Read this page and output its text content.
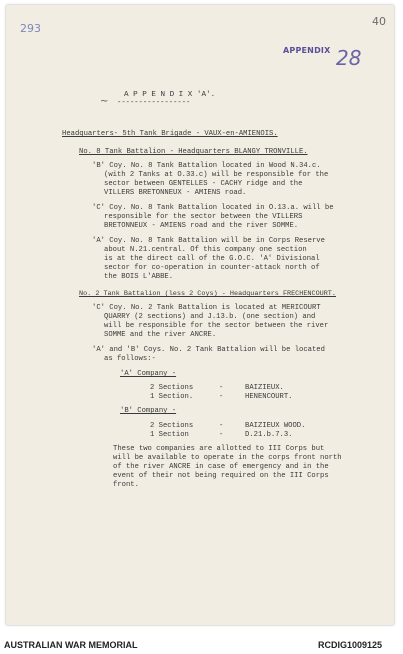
293
40
APPENDIX 28
~
A P P E N D I X 'A'.
-----------------
Headquarters- 5th Tank Brigade - VAUX-en-AMIENOIS.
No. 8 Tank Battalion - Headquarters BLANGY TRONVILLE.
'B' Coy. No. 8 Tank Battalion located in Wood N.34.c.
(with 2 Tanks at O.33.c) will be responsible for the
sector between GENTELLES - CACHY ridge and the
VILLERS BRETONNEUX - AMIENS road.
'C' Coy. No. 8 Tank Battalion located in O.13.a. will be
responsible for the sector between the VILLERS
BRETONNEUX - AMIENS road and the river SOMME.
'A' Coy. No. 8 Tank Battalion will be in Corps Reserve
about N.21.central. Of this company one section
is at the direct call of the G.O.C. 'A' Divisional
sector for co-operation in counter-attack north of
the BOIS L'ABBE.
No. 2 Tank Battalion (less 2 Coys) - Headquarters FRECHENCOURT.
'C' Coy. No. 2 Tank Battalion is located at MERICOURT
QUARRY (2 sections) and J.13.b. (one section) and
will be responsible for the sector between the river
SOMME and the river ANCRE.
'A' and 'B' Coys. No. 2 Tank Battalion will be located
as follows:-
'A' Company -
2 Sections	-	BAIZIEUX.
1 Section.	-	HENENCOURT.
'B' Company -
2 Sections	-	BAIZIEUX WOOD.
1 Section	-	D.21.b.7.3.
These two companies are allotted to III Corps but
will be available to operate in the corps front north
of the river ANCRE in case of emergency and in the
event of their not being required on the III Corps
front.
AUSTRALIAN WAR MEMORIAL	RCDIG1009125
